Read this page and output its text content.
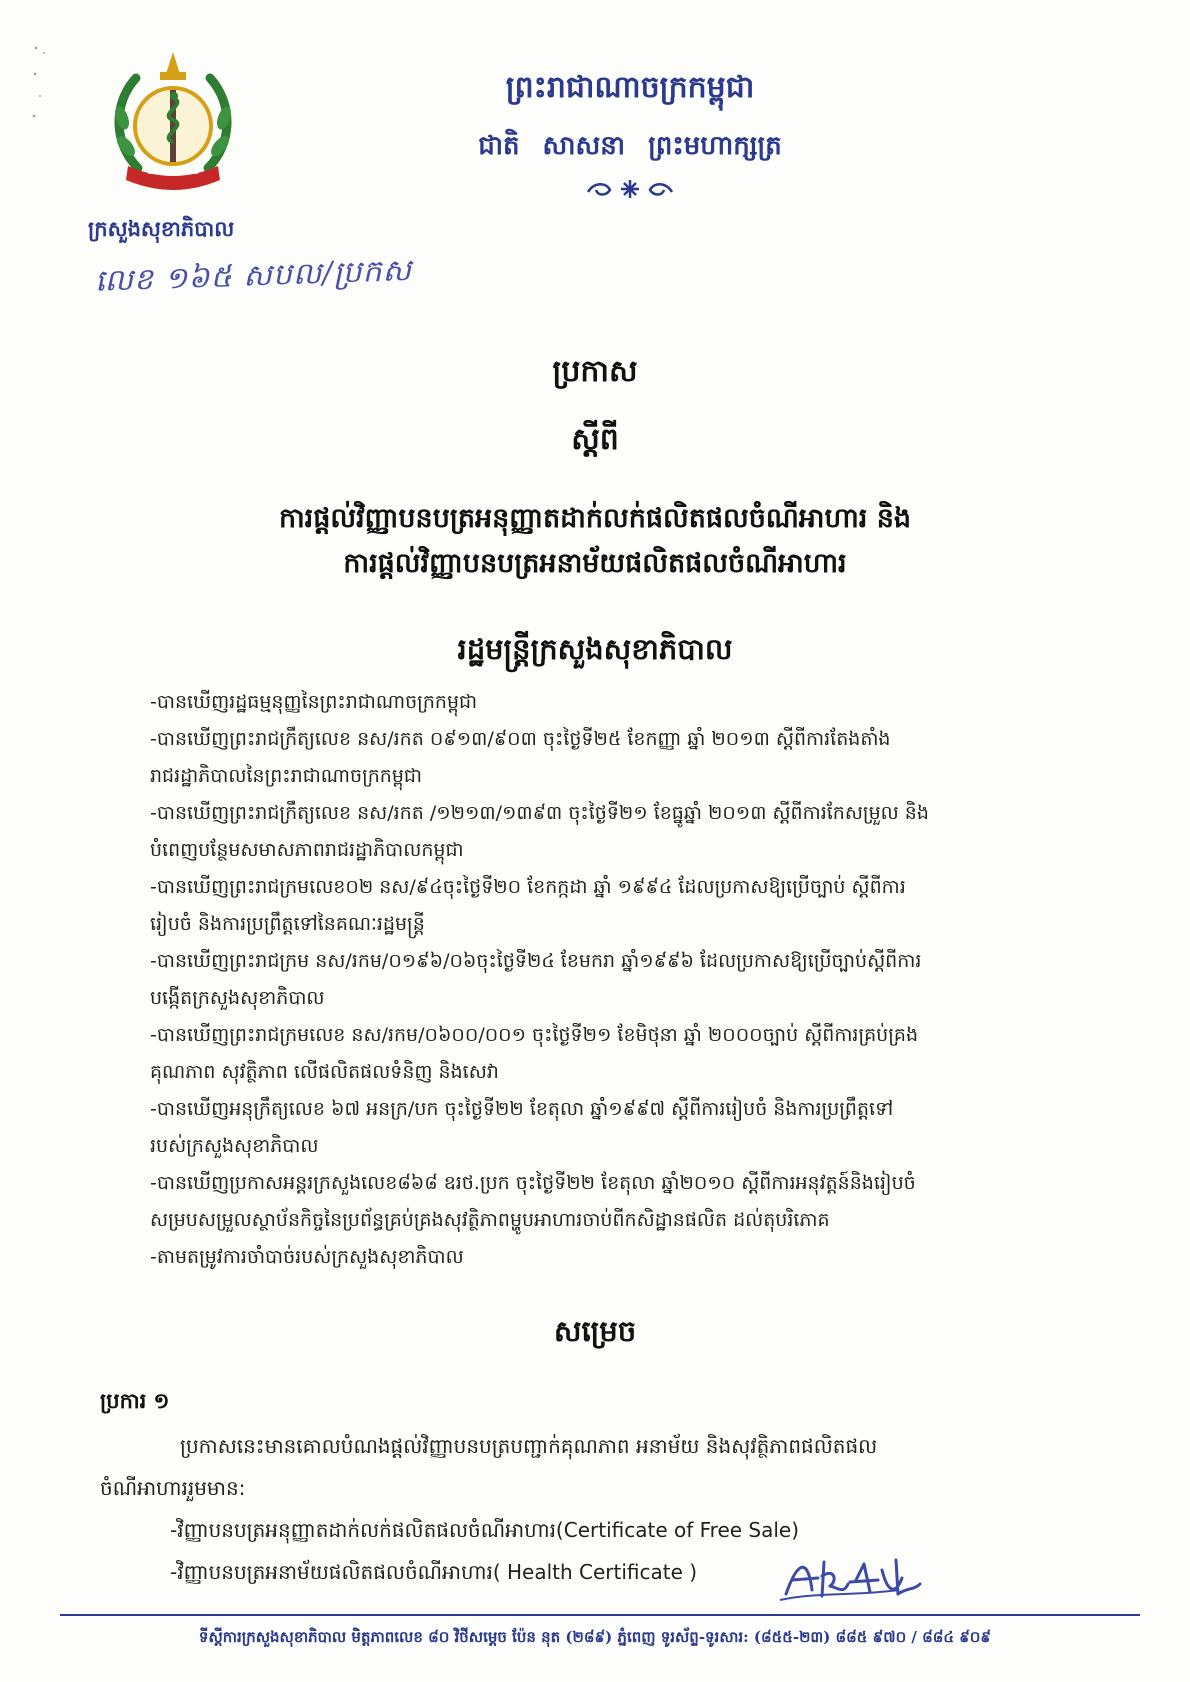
ព្រះរាជាណាចក្រកម្ពុជា
ជាតិ សាសនា ព្រះមហាក្សត្រ
ក្រសួងសុខាភិបាល
លេខ ១៦៥ សបល/ប្រកស
ប្រកាស
ស្តីពី
ការផ្តល់វិញ្ញាបនបត្រអនុញ្ញាតដាក់លក់ផលិតផលចំណីអាហារ និង
ការផ្តល់វិញ្ញាបនបត្រអនាម័យផលិតផលចំណីអាហារ
រដ្ឋមន្ត្រីក្រសួងសុខាភិបាល

-បានឃើញរដ្ឋធម្មនុញ្ញនៃព្រះរាជាណាចក្រកម្ពុជា

-បានឃើញព្រះរាជក្រឹត្យលេខ នស/រកត ០៩១៣/៩០៣ ចុះថ្ងៃទី២៥ ខែកញ្ញា ឆ្នាំ ២០១៣ ស្តីពីការតែងតាំង

រាជរដ្ឋាភិបាលនៃព្រះរាជាណាចក្រកម្ពុជា

-បានឃើញព្រះរាជក្រឹត្យលេខ នស/រកត /១២១៣/១៣៩៣ ចុះថ្ងៃទី២១ ខែធ្នូឆ្នាំ ២០១៣ ស្តីពីការកែសម្រួល និង

បំពេញបន្ថែមសមាសភាពរាជរដ្ឋាភិបាលកម្ពុជា

-បានឃើញព្រះរាជក្រមលេខ០២ នស/៩៤ចុះថ្ងៃទី២០ ខែកក្កដា ឆ្នាំ ១៩៩៤ ដែលប្រកាសឱ្យប្រើច្បាប់ ស្តីពីការ

រៀបចំ និងការប្រព្រឹត្តទៅនៃគណៈរដ្ឋមន្ត្រី

-បានឃើញព្រះរាជក្រម នស/រកម/០១៩៦/០៦ចុះថ្ងៃទី២៤ ខែមករា ឆ្នាំ១៩៩៦ ដែលប្រកាសឱ្យប្រើច្បាប់ស្តីពីការ

បង្កើតក្រសួងសុខាភិបាល

-បានឃើញព្រះរាជក្រមលេខ នស/រកម/០៦០០/០០១ ចុះថ្ងៃទី២១ ខែមិថុនា ឆ្នាំ ២០០០ច្បាប់ ស្តីពីការគ្រប់គ្រង

គុណភាព សុវត្ថិភាព លើផលិតផលទំនិញ និងសេវា

-បានឃើញអនុក្រឹត្យលេខ ៦៧ អនក្រ/បក ចុះថ្ងៃទី២២ ខែតុលា ឆ្នាំ១៩៩៧ ស្តីពីការរៀបចំ និងការប្រព្រឹត្តទៅ

របស់ក្រសួងសុខាភិបាល

-បានឃើញប្រកាសអន្តរក្រសួងលេខ៨៦៨ ឧរថ.ប្រក ចុះថ្ងៃទី២២ ខែតុលា ឆ្នាំ២០១០ ស្តីពីការអនុវត្តន៍និងរៀបចំ

សម្របសម្រួលស្ថាប័នកិច្ចនៃប្រព័ន្ធគ្រប់គ្រងសុវត្ថិភាពម្ហូបអាហារចាប់ពីកសិដ្ឋានផលិត ដល់តុបរិភោគ

-តាមតម្រូវការចាំបាច់របស់ក្រសួងសុខាភិបាល

សម្រេច
ប្រការ ១
ប្រកាសនេះមានគោលបំណងផ្តល់វិញ្ញាបនបត្របញ្ជាក់គុណភាព អនាម័យ និងសុវត្ថិភាពផលិតផល
ចំណីអាហាររួមមាន:
-វិញ្ញាបនបត្រអនុញ្ញាតដាក់លក់ផលិតផលចំណីអាហារ(Certificate of Free Sale)
-វិញ្ញាបនបត្រអនាម័យផលិតផលចំណីអាហារ( Health Certificate )
ទីស្តីការក្រសួងសុខាភិបាល មិត្តភាពលេខ ៨០ វិថីសម្តេច ប៉ែន នុត (២៨៩) ភ្នំពេញ ទូរស័ព្ទ-ទូរសារ: (៨៥៥-២៣) ៨៨៥ ៩៧០ / ៨៨៤ ៩០៩
